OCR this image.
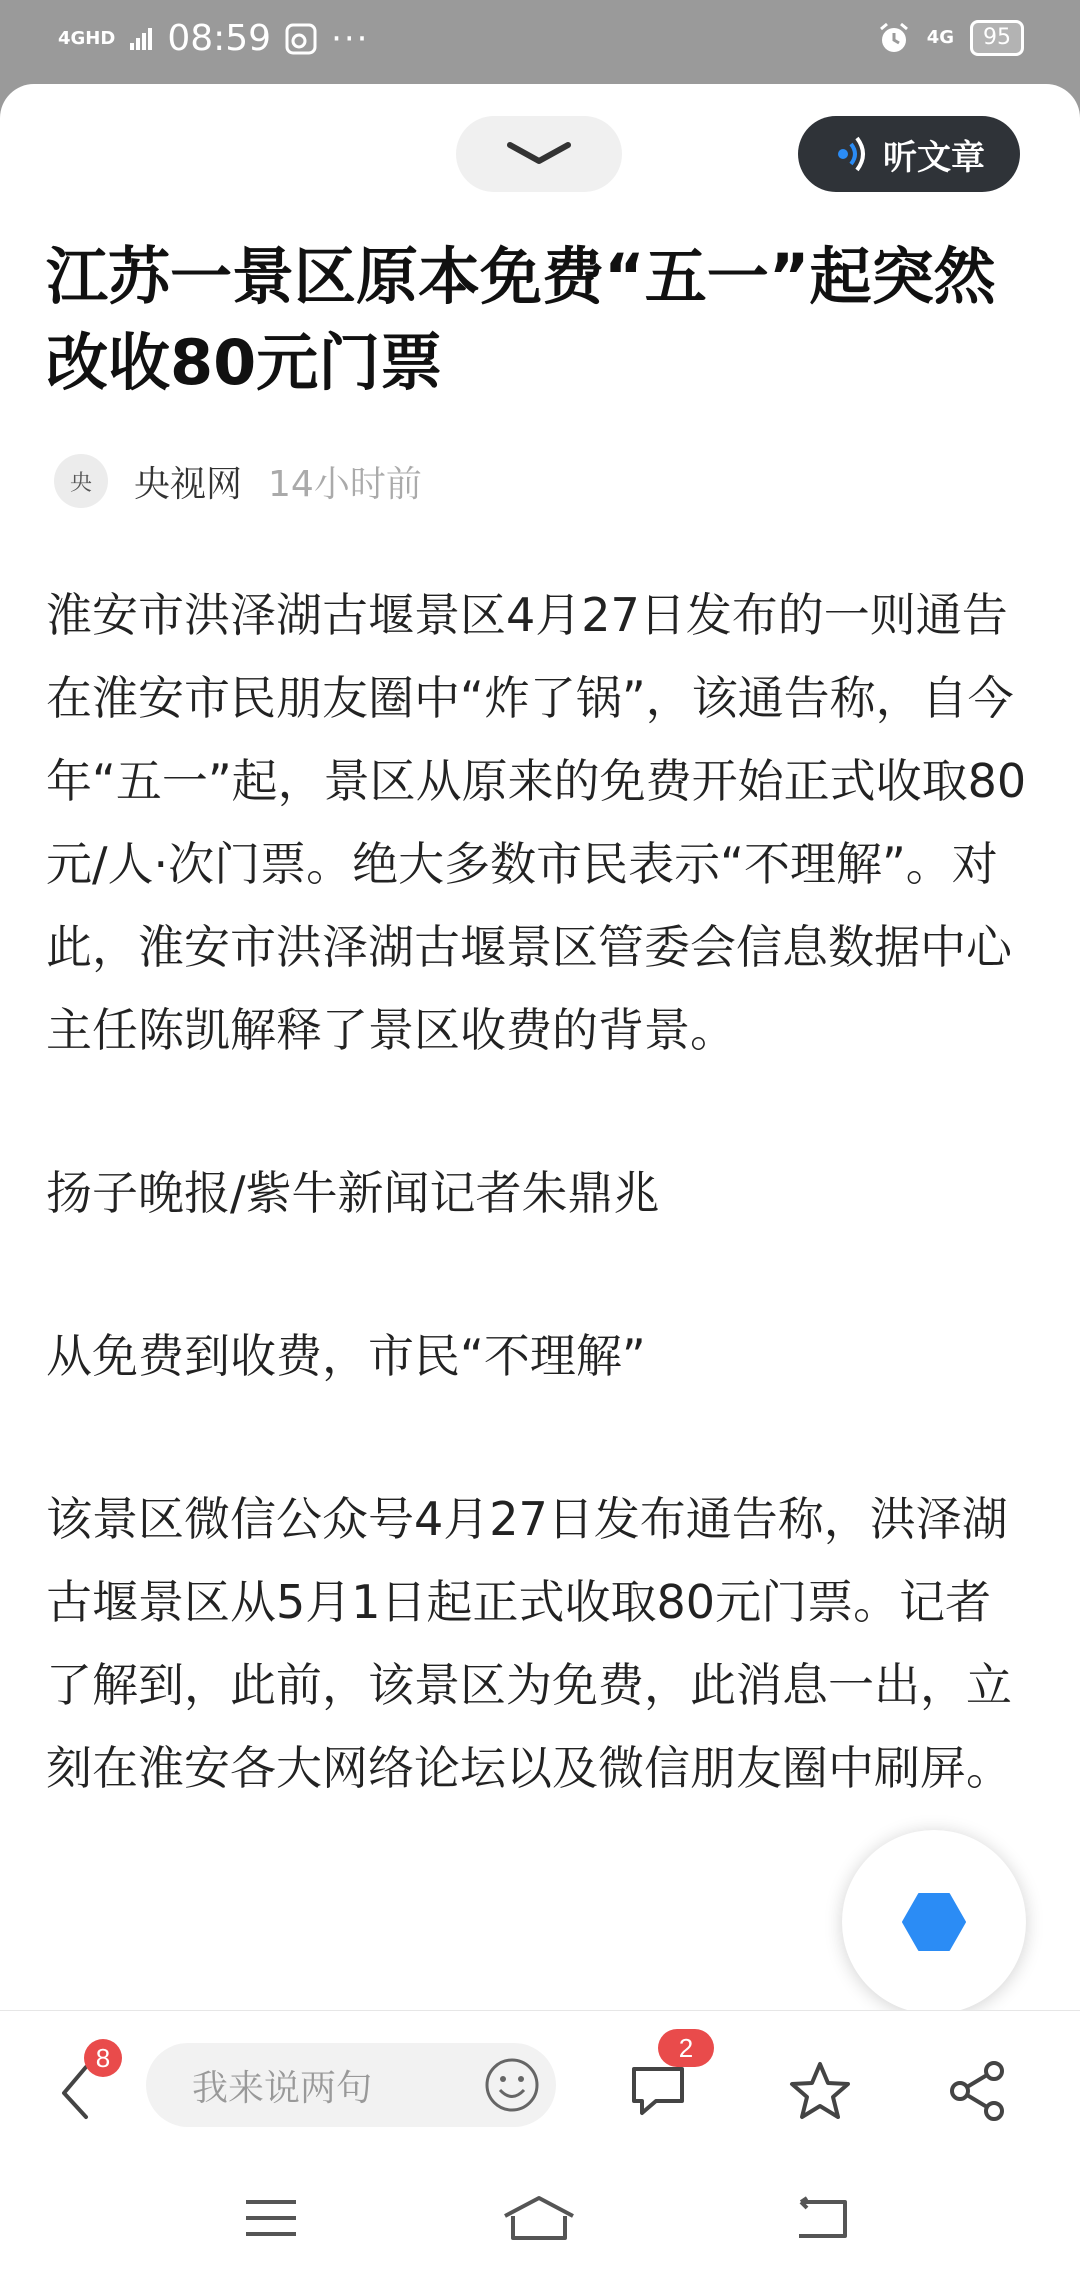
4GHD 08:59 ···	4G	95
听文章
江苏一景区原本免费“五一”起突然改收80元门票
央	央视网 14小时前

淮安市洪泽湖古堰景区4月27日发布的一则通告在淮安市民朋友圈中“炸了锅”，该通告称，自今年“五一”起，景区从原来的免费开始正式收取80元/人·次门票。绝大多数市民表示“不理解”。对此，淮安市洪泽湖古堰景区管委会信息数据中心主任陈凯解释了景区收费的背景。

扬子晚报/紫牛新闻记者朱鼎兆

从免费到收费，市民“不理解”

该景区微信公众号4月27日发布通告称，洪泽湖古堰景区从5月1日起正式收取80元门票。记者了解到，此前，该景区为免费，此消息一出，立刻在淮安各大网络论坛以及微信朋友圈中刷屏。

8
我来说两句
2
